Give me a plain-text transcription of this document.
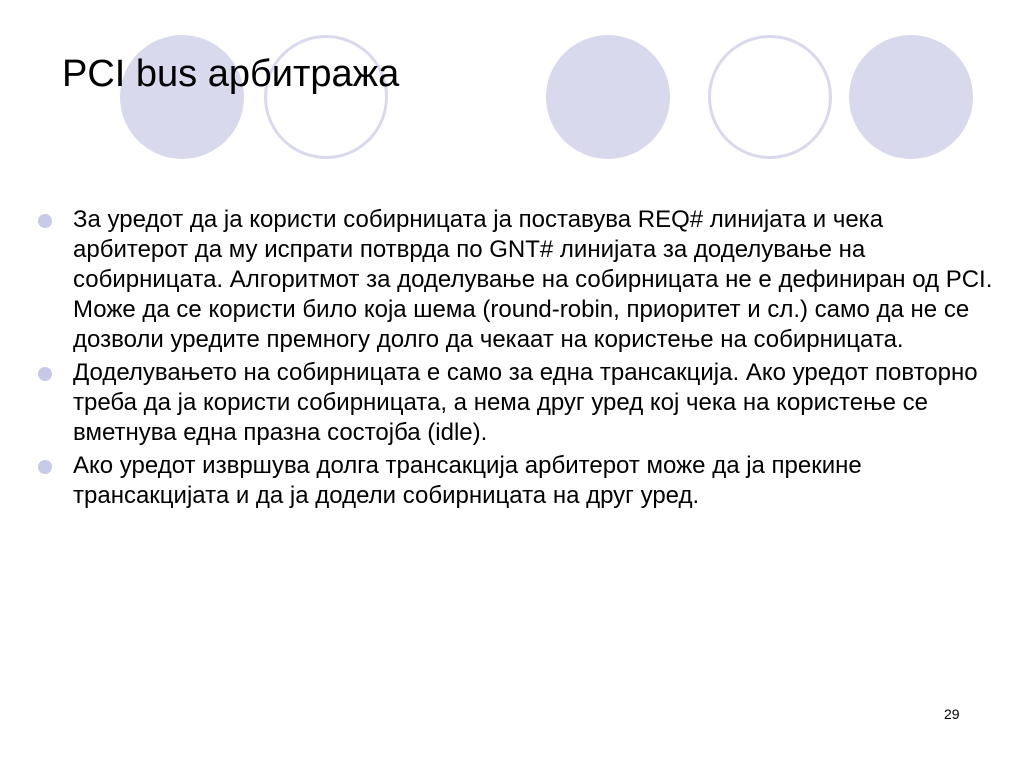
PCI bus арбитража
За уредот да ја користи собирницата ја поставува REQ# линијата и чека арбитерот да му испрати потврда по GNT# линијата за доделување на собирницата. Алгоритмот за доделување на собирницата не е дефиниран од PCI. Може да се користи било која шема (round-robin, приоритет и сл.) само да не се дозволи уредите премногу долго да чекаат на користење на собирницата.
Доделувањето на собирницата е само за една трансакција. Ако уредот повторно треба да ја користи собирницата, а нема друг уред кој чека на користење се вметнува една празна состојба (idle).
Ако уредот извршува долга трансакција арбитерот може да ја прекине трансакцијата и да ја додели собирницата на друг уред.
29
